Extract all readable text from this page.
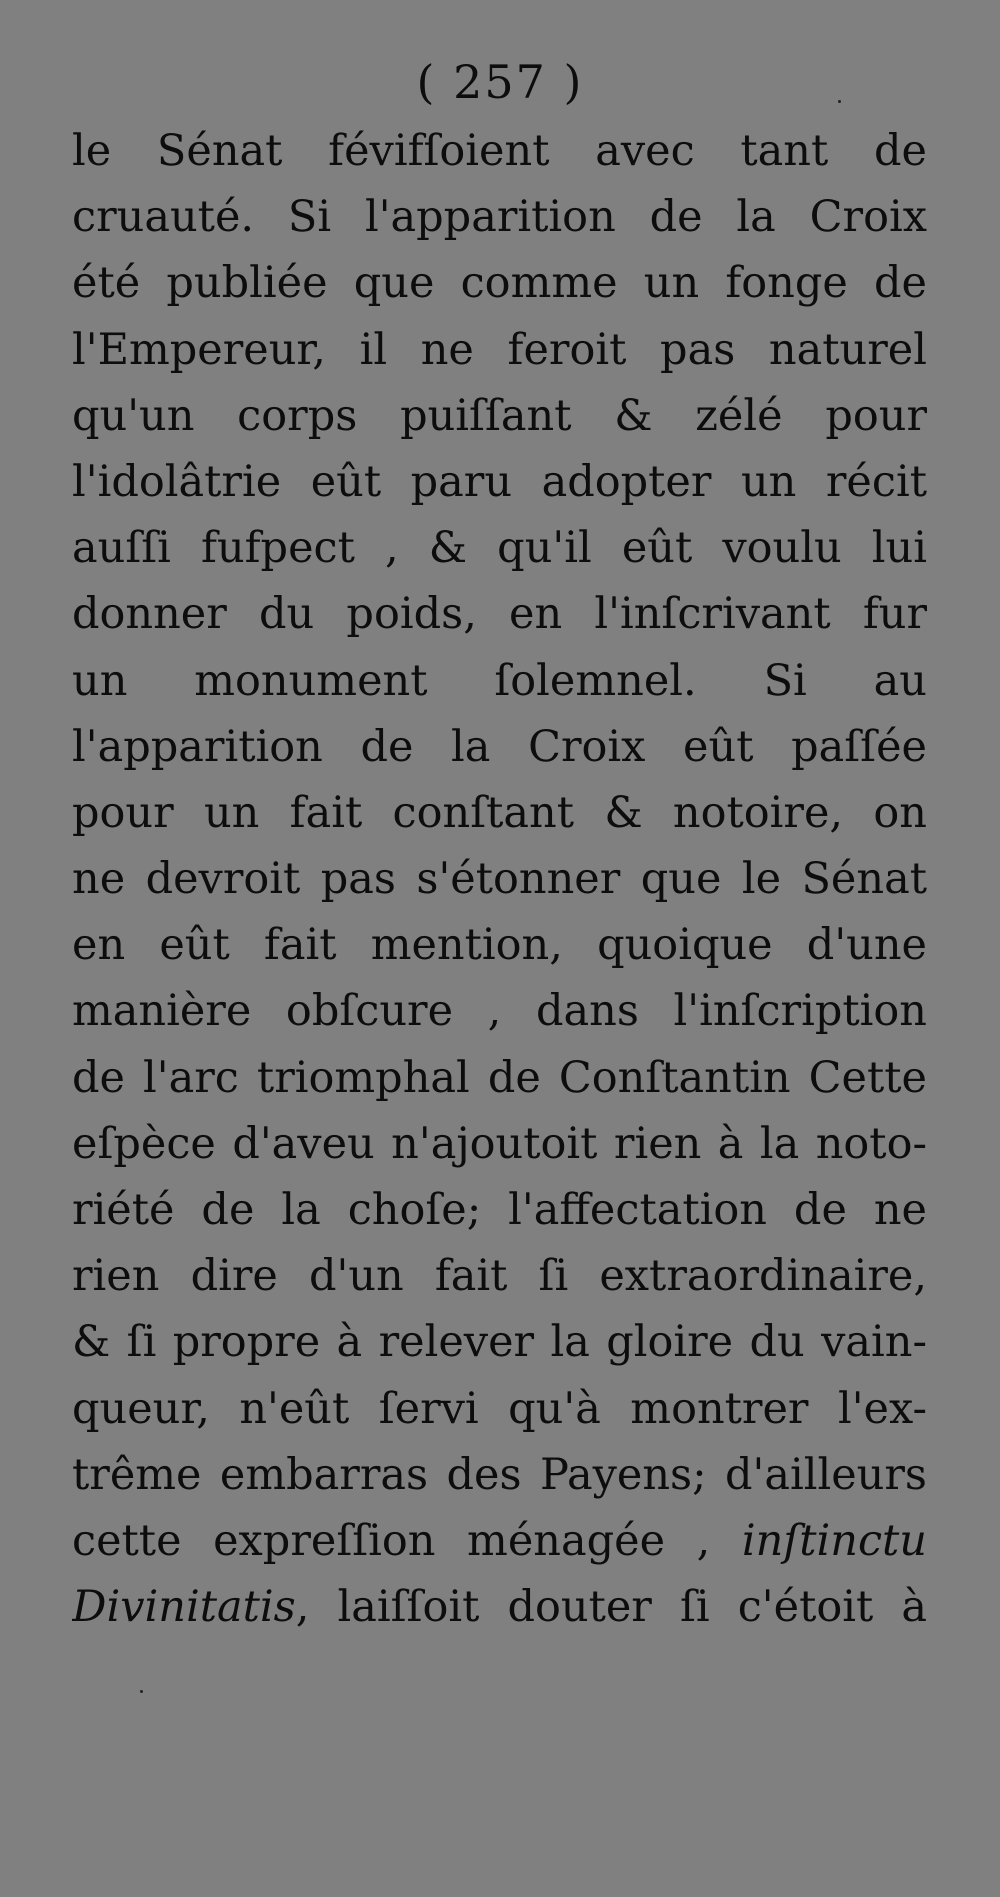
( 257 )
le Sénat févifſoient avec tant de
cruauté. Si l'apparition de la Croix
été publiée que comme un fonge de
l'Empereur, il ne feroit pas naturel
qu'un corps puiſſant & zélé pour
l'idolâtrie eût paru adopter un récit
auſſi fufpect , & qu'il eût voulu lui
donner du poids, en l'inſcrivant fur
un monument ſolemnel. Si au
l'apparition de la Croix eût paſſée
pour un fait conſtant & notoire, on
ne devroit pas s'étonner que le Sénat
en eût fait mention, quoique d'une
manière obſcure , dans l'inſcription
de l'arc triomphal de Conſtantin Cette
eſpèce d'aveu n'ajoutoit rien à la noto-
riété de la choſe; l'affectation de ne
rien dire d'un fait ſi extraordinaire,
& ſi propre à relever la gloire du vain-
queur, n'eût ſervi qu'à montrer l'ex-
trême embarras des Payens; d'ailleurs
cette expreſſion ménagée , inſtinctu
Divinitatis, laiſſoit douter ſi c'étoit à
